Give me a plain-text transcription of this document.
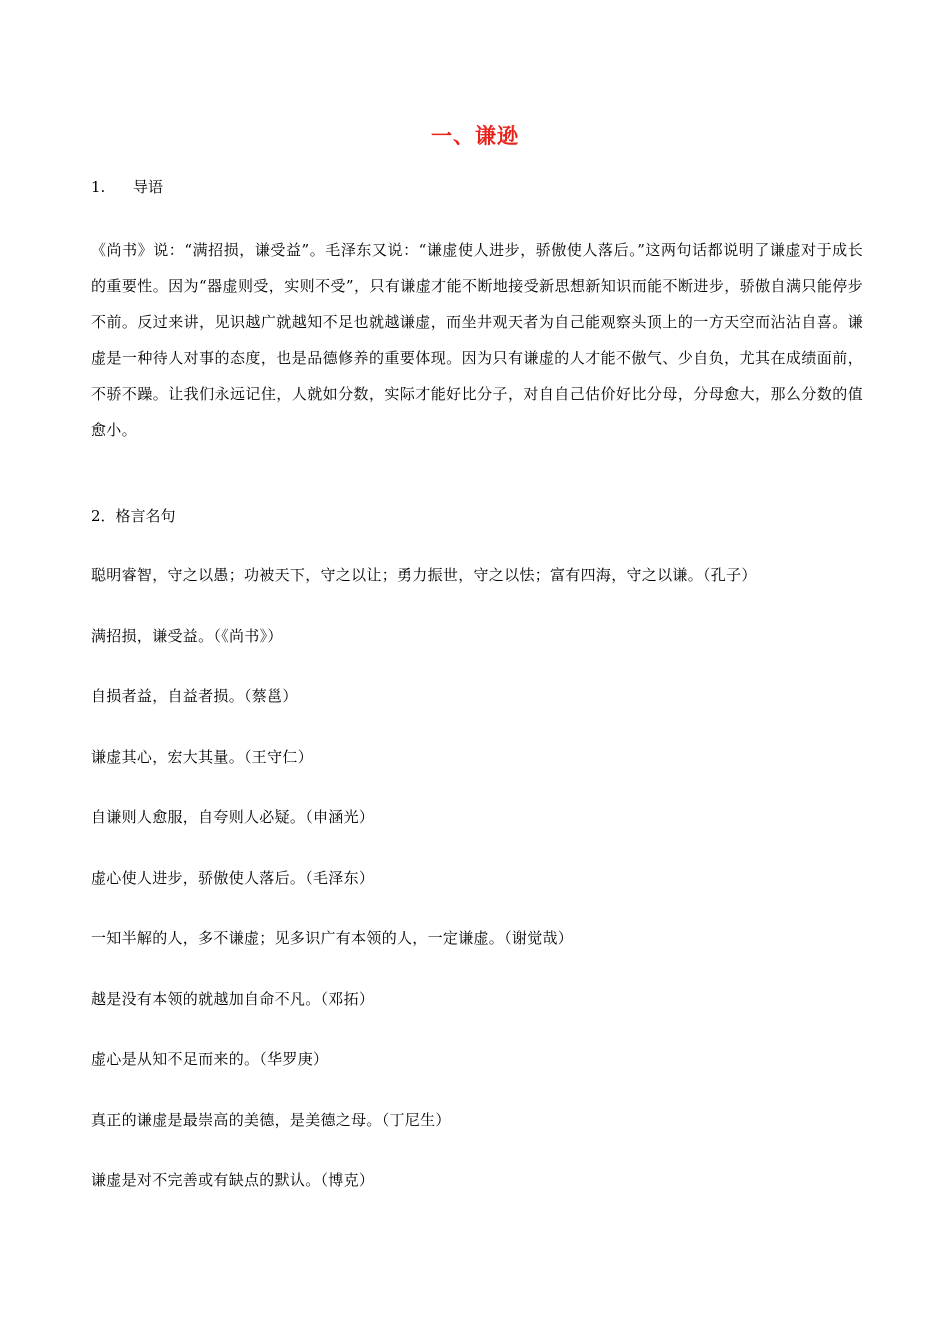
一、谦逊
1. 导语
《尚书》说：“满招损，谦受益”。毛泽东又说：“谦虚使人进步，骄傲使人落后。”这两句话都说明了谦虚对于成长的重要性。因为“器虚则受，实则不受”，只有谦虚才能不断地接受新思想新知识而能不断进步，骄傲自满只能停步不前。反过来讲，见识越广就越知不足也就越谦虚，而坐井观天者为自己能观察头顶上的一方天空而沾沾自喜。谦虚是一种待人对事的态度，也是品德修养的重要体现。因为只有谦虚的人才能不傲气、少自负，尤其在成绩面前，不骄不躁。让我们永远记住，人就如分数，实际才能好比分子，对自自己估价好比分母，分母愈大，那么分数的值愈小。
2．格言名句
聪明睿智，守之以愚；功被天下，守之以让；勇力振世，守之以怯；富有四海，守之以谦。（孔子）
满招损，谦受益。（《尚书》）
自损者益，自益者损。（蔡邕）
谦虚其心，宏大其量。（王守仁）
自谦则人愈服，自夸则人必疑。（申涵光）
虚心使人进步，骄傲使人落后。（毛泽东）
一知半解的人，多不谦虚；见多识广有本领的人，一定谦虚。（谢觉哉）
越是没有本领的就越加自命不凡。（邓拓）
虚心是从知不足而来的。（华罗庚）
真正的谦虚是最崇高的美德，是美德之母。（丁尼生）
谦虚是对不完善或有缺点的默认。（博克）
